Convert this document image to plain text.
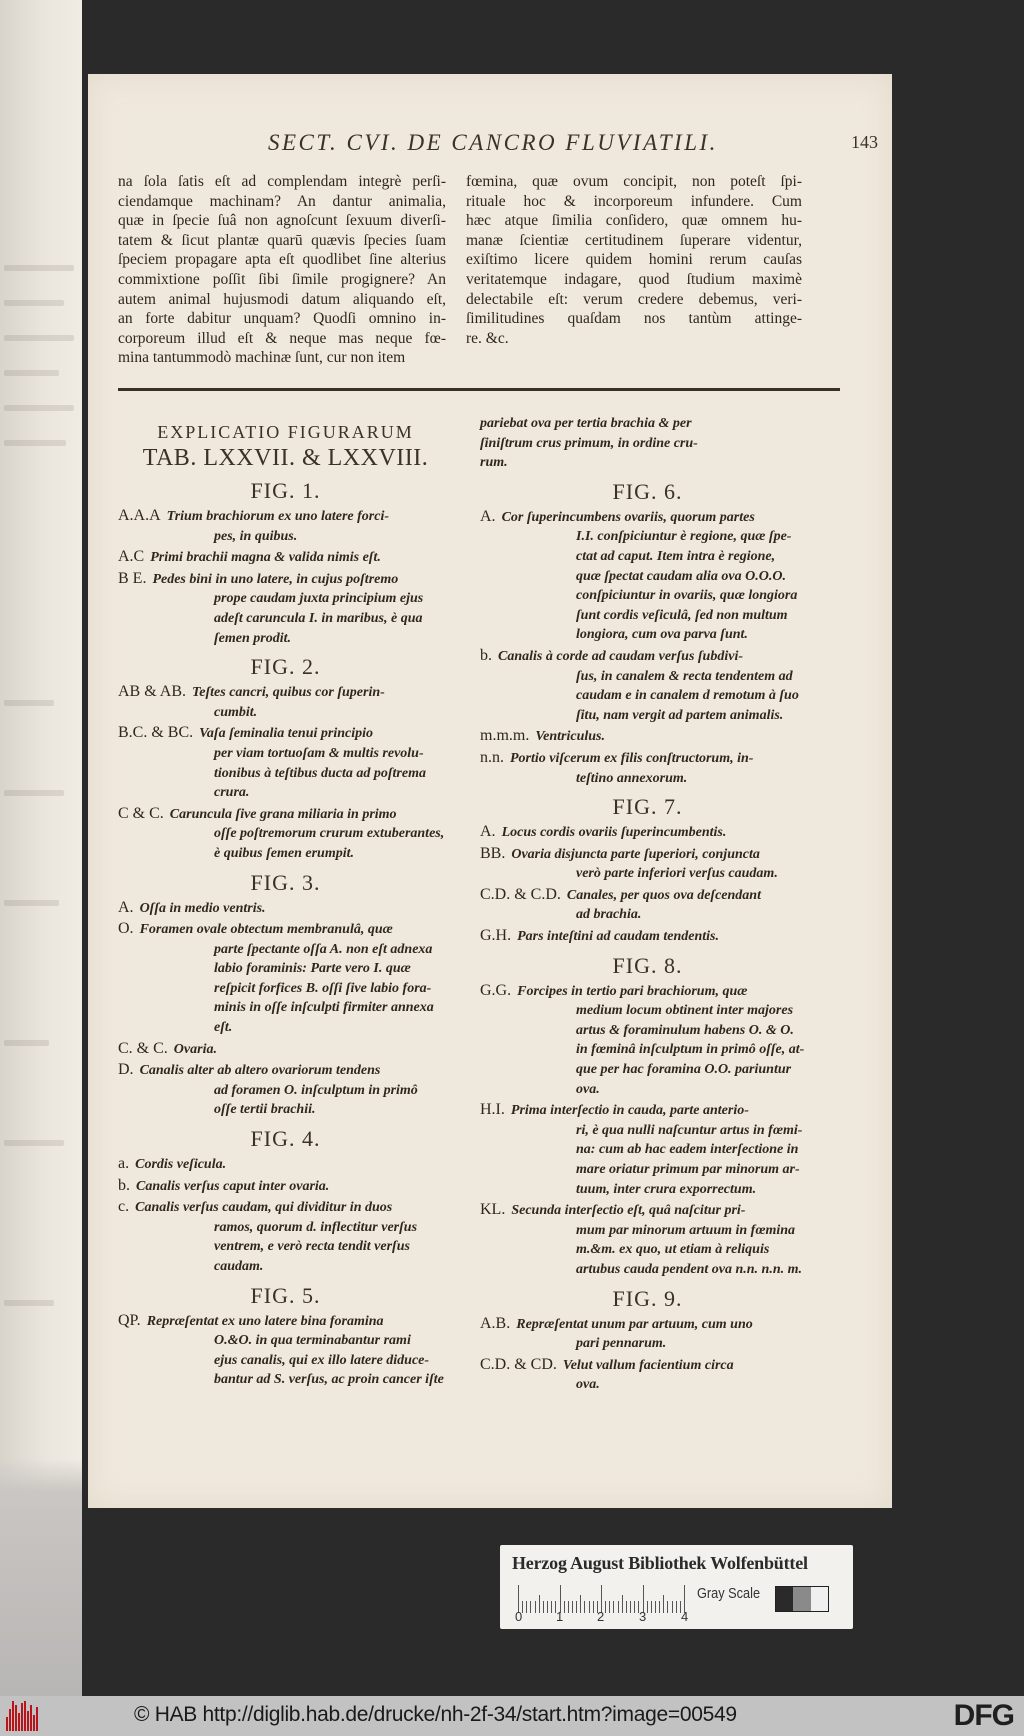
SECT. CVI. DE CANCRO FLUVIATILI.	143
na ſola ſatis eſt ad complendam integrè perſi-
ciendamque machinam? An dantur animalia,
quæ in ſpecie ſuâ non agnoſcunt ſexuum diverſi-
tatem & ſicut plantæ quarū quævis ſpecies ſuam
ſpeciem propagare apta eſt quodlibet ſine alterius
commixtione poſſit ſibi ſimile progignere? An
autem animal hujusmodi datum aliquando eſt,
an forte dabitur unquam? Quodſi omnino in-
corporeum illud eſt & neque mas neque fœ-
mina tantummodò machinæ ſunt, cur non item
fœmina, quæ ovum concipit, non poteſt ſpi-
rituale hoc & incorporeum infundere. Cum
hæc atque ſimilia conſidero, quæ omnem hu-
manæ ſcientiæ certitudinem ſuperare videntur,
exiſtimo licere quidem homini rerum cauſas
veritatemque indagare, quod ſtudium maximè
delectabile eſt: verum credere debemus, veri-
ſimilitudines quaſdam nos tantùm attinge-
re. &c.
EXPLICATIO FIGURARUM
TAB. LXXVII. & LXXVIII.
FIG. 1.
A.A.A Trium brachiorum ex uno latere forci-
pes, in quibus.
A.C Primi brachii magna & valida nimis eſt.
B E. Pedes bini in uno latere, in cujus poſtremo
prope caudam juxta principium ejus
adeſt caruncula I. in maribus, è qua
ſemen prodit.
FIG. 2.
AB & AB. Teſtes cancri, quibus cor ſuperin-
cumbit.
B.C. & BC. Vaſa ſeminalia tenui principio
per viam tortuoſam & multis revolu-
tionibus à teſtibus ducta ad poſtrema
crura.
C & C. Caruncula ſive grana miliaria in primo
oſſe poſtremorum crurum extuberantes,
è quibus ſemen erumpit.
FIG. 3.
A. Oſſa in medio ventris.
O. Foramen ovale obtectum membranulâ, quæ
parte ſpectante oſſa A. non eſt adnexa
labio foraminis: Parte vero I. quæ
reſpicit forfices B. oſſi ſive labio fora-
minis in oſſe inſculpti firmiter annexa
eſt.
C. & C. Ovaria.
D. Canalis alter ab altero ovariorum tendens
ad foramen O. inſculptum in primô
oſſe tertii brachii.
FIG. 4.
a. Cordis veſicula.
b. Canalis verſus caput inter ovaria.
c. Canalis verſus caudam, qui dividitur in duos
ramos, quorum d. inflectitur verſus
ventrem, e verò recta tendit verſus
caudam.
FIG. 5.
QP. Repræſentat ex uno latere bina foramina
O.&O. in qua terminabantur rami
ejus canalis, qui ex illo latere diduce-
bantur ad S. verſus, ac proin cancer iſte
pariebat ova per tertia brachia & per
ſiniſtrum crus primum, in ordine cru-
rum.
FIG. 6.
A. Cor ſuperincumbens ovariis, quorum partes
I.I. conſpiciuntur è regione, quæ ſpe-
ctat ad caput. Item intra è regione,
quæ ſpectat caudam alia ova O.O.O.
conſpiciuntur in ovariis, quæ longiora
ſunt cordis veſiculâ, ſed non multum
longiora, cum ova parva ſunt.
b. Canalis à corde ad caudam verſus ſubdivi-
ſus, in canalem & recta tendentem ad
caudam e in canalem d remotum à ſuo
ſitu, nam vergit ad partem animalis.
m.m.m. Ventriculus.
n.n. Portio viſcerum ex filis conſtructorum, in-
teſtino annexorum.
FIG. 7.
A. Locus cordis ovariis ſuperincumbentis.
BB. Ovaria disjuncta parte ſuperiori, conjuncta
verò parte inferiori verſus caudam.
C.D. & C.D. Canales, per quos ova deſcendant
ad brachia.
G.H. Pars inteſtini ad caudam tendentis.
FIG. 8.
G.G. Forcipes in tertio pari brachiorum, quæ
medium locum obtinent inter majores
artus & foraminulum habens O. & O.
in fœminâ inſculptum in primô oſſe, at-
que per hac foramina O.O. pariuntur
ova.
H.I. Prima interſectio in cauda, parte anterio-
ri, è qua nulli naſcuntur artus in fœmi-
na: cum ab hac eadem interſectione in
mare oriatur primum par minorum ar-
tuum, inter crura exporrectum.
KL. Secunda interſectio eſt, quâ naſcitur pri-
mum par minorum artuum in fœmina
m.&m. ex quo, ut etiam à reliquis
artubus cauda pendent ova n.n. n.n. m.
FIG. 9.
A.B. Repræſentat unum par artuum, cum uno
pari pennarum.
C.D. & CD. Velut vallum facientium circa
ova.
Herzog August Bibliothek Wolfenbüttel
0	1	2	3	4
Gray Scale
© HAB http://diglib.hab.de/drucke/nh-2f-34/start.htm?image=00549	DFG
